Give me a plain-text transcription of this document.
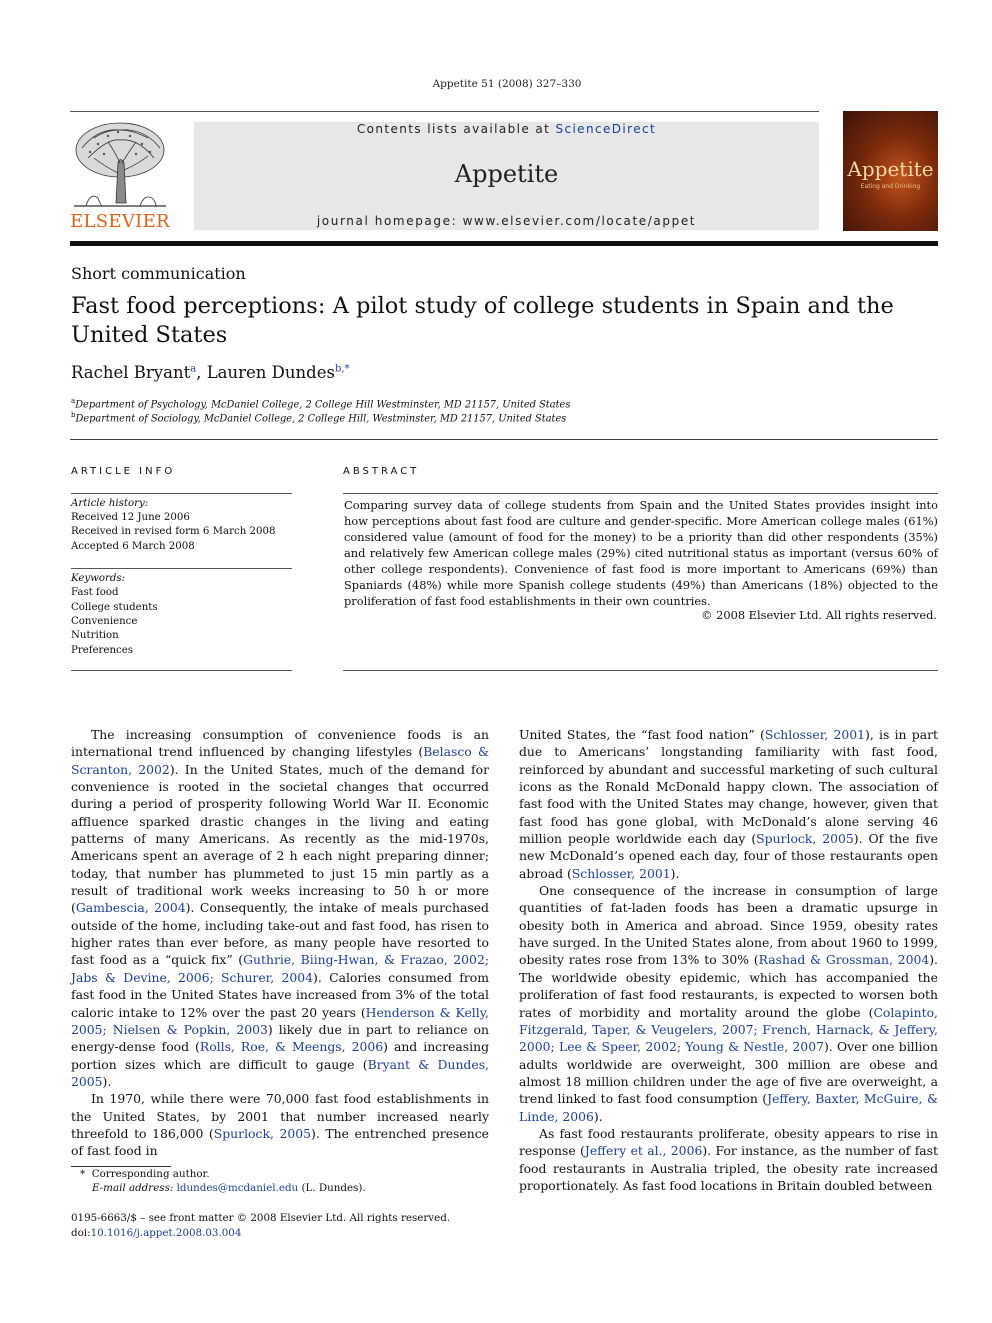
Appetite 51 (2008) 327–330
ELSEVIER
Contents lists available at ScienceDirect
Appetite
journal homepage: www.elsevier.com/locate/appet
Appetite
Eating and Drinking
Short communication
Fast food perceptions: A pilot study of college students in Spain and the United States
Rachel Bryant$^a$, Lauren Dundes$^{b,*}$
$^a$Department of Psychology, McDaniel College, 2 College Hill Westminster, MD 21157, United States
$^b$Department of Sociology, McDaniel College, 2 College Hill, Westminster, MD 21157, United States
ARTICLE INFO	ABSTRACT
Article history:
Received 12 June 2006
Received in revised form 6 March 2008
Accepted 6 March 2008
Keywords:
Fast food
College students
Convenience
Nutrition
Preferences
Comparing survey data of college students from Spain and the United States provides insight into how perceptions about fast food are culture and gender-specific. More American college males (61%) considered value (amount of food for the money) to be a priority than did other respondents (35%) and relatively few American college males (29%) cited nutritional status as important (versus 60% of other college respondents). Convenience of fast food is more important to Americans (69%) than Spaniards (48%) while more Spanish college students (49%) than Americans (18%) objected to the proliferation of fast food establishments in their own countries.
© 2008 Elsevier Ltd. All rights reserved.

The increasing consumption of convenience foods is an international trend influenced by changing lifestyles (Belasco & Scranton, 2002). In the United States, much of the demand for convenience is rooted in the societal changes that occurred during a period of prosperity following World War II. Economic affluence sparked drastic changes in the living and eating patterns of many Americans. As recently as the mid-1970s, Americans spent an average of 2 h each night preparing dinner; today, that number has plummeted to just 15 min partly as a result of traditional work weeks increasing to 50 h or more (Gambescia, 2004). Consequently, the intake of meals purchased outside of the home, including take-out and fast food, has risen to higher rates than ever before, as many people have resorted to fast food as a “quick fix” (Guthrie, Biing-Hwan, & Frazao, 2002; Jabs & Devine, 2006; Schurer, 2004). Calories consumed from fast food in the United States have increased from 3% of the total caloric intake to 12% over the past 20 years (Henderson & Kelly, 2005; Nielsen & Popkin, 2003) likely due in part to reliance on energy-dense food (Rolls, Roe, & Meengs, 2006) and increasing portion sizes which are difficult to gauge (Bryant & Dundes, 2005).

In 1970, while there were 70,000 fast food establishments in the United States, by 2001 that number increased nearly threefold to 186,000 (Spurlock, 2005). The entrenched presence of fast food in

United States, the “fast food nation” (Schlosser, 2001), is in part due to Americans’ longstanding familiarity with fast food, reinforced by abundant and successful marketing of such cultural icons as the Ronald McDonald happy clown. The association of fast food with the United States may change, however, given that fast food has gone global, with McDonald’s alone serving 46 million people worldwide each day (Spurlock, 2005). Of the five new McDonald’s opened each day, four of those restaurants open abroad (Schlosser, 2001).

One consequence of the increase in consumption of large quantities of fat-laden foods has been a dramatic upsurge in obesity both in America and abroad. Since 1959, obesity rates have surged. In the United States alone, from about 1960 to 1999, obesity rates rose from 13% to 30% (Rashad & Grossman, 2004). The worldwide obesity epidemic, which has accompanied the proliferation of fast food restaurants, is expected to worsen both rates of morbidity and mortality around the globe (Colapinto, Fitzgerald, Taper, & Veugelers, 2007; French, Harnack, & Jeffery, 2000; Lee & Speer, 2002; Young & Nestle, 2007). Over one billion adults worldwide are overweight, 300 million are obese and almost 18 million children under the age of five are overweight, a trend linked to fast food consumption (Jeffery, Baxter, McGuire, & Linde, 2006).

As fast food restaurants proliferate, obesity appears to rise in response (Jeffery et al., 2006). For instance, as the number of fast food restaurants in Australia tripled, the obesity rate increased proportionately. As fast food locations in Britain doubled between

* Corresponding author.
E-mail address: ldundes@mcdaniel.edu (L. Dundes).
0195-6663/$ – see front matter © 2008 Elsevier Ltd. All rights reserved.
doi:10.1016/j.appet.2008.03.004
